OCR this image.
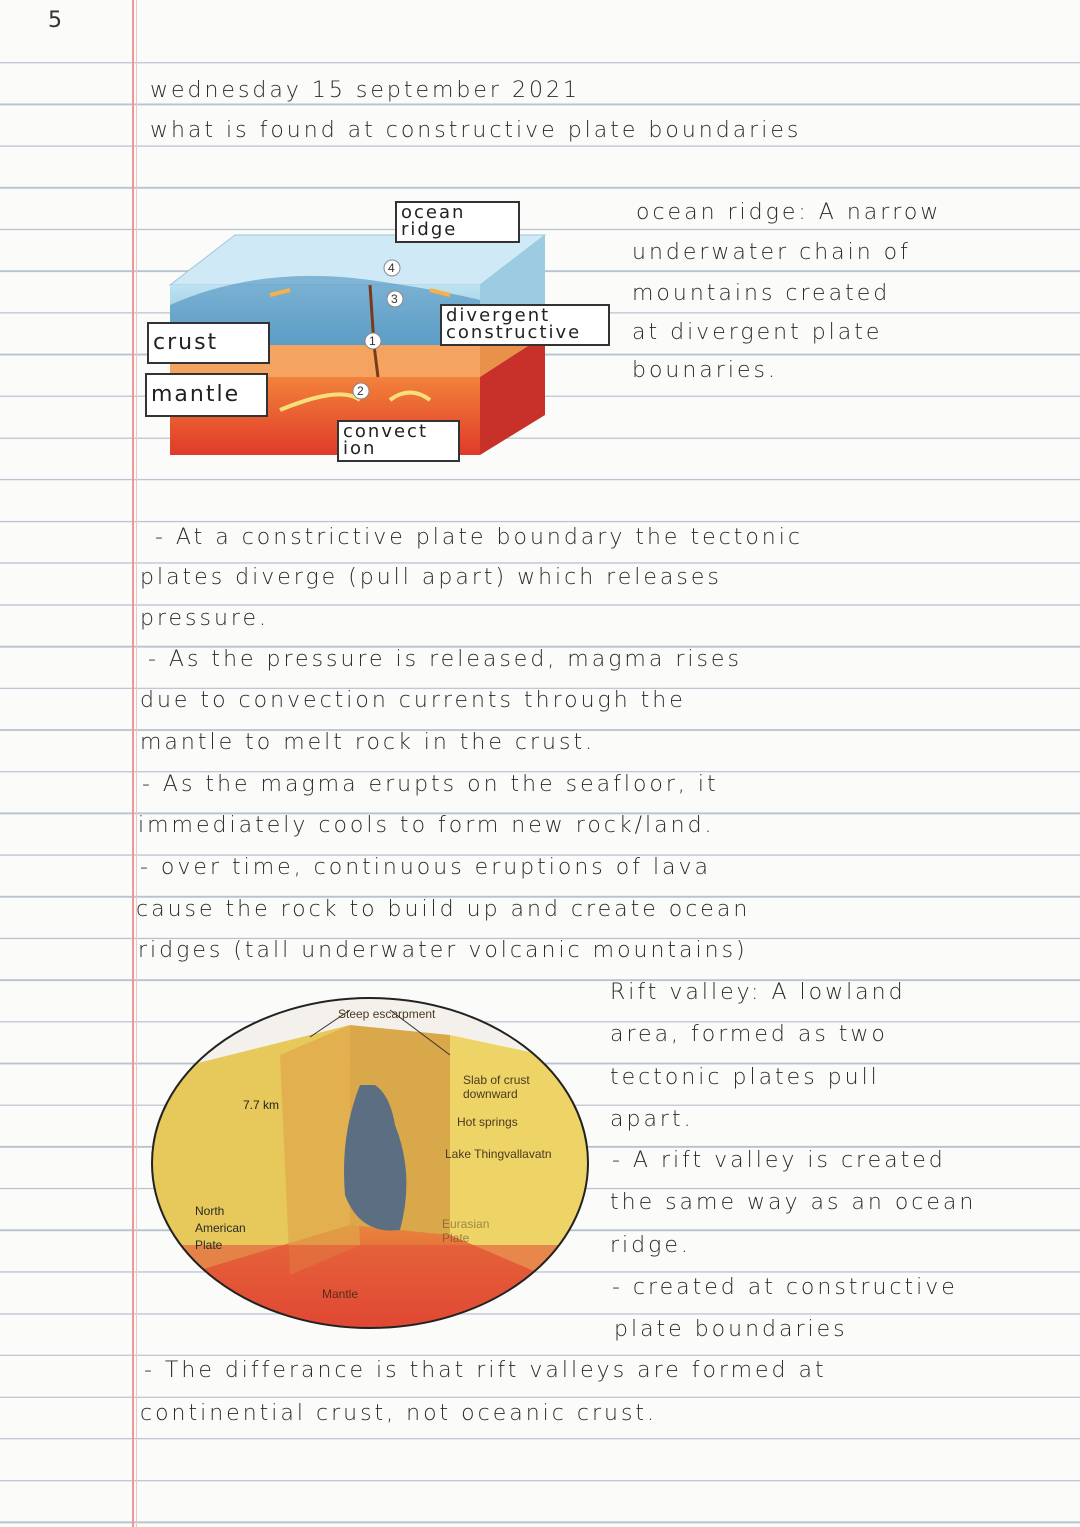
5
wednesday 15 september 2021
what is found at constructive plate boundaries
1
2
3
4
ocean
ridge
divergent
constructive
crust
mantle
convect
ion
ocean ridge: A narrow
underwater chain of
mountains created
at divergent plate
bounaries.
- At a constrictive plate boundary the tectonic
plates diverge (pull apart) which releases
pressure.
- As the pressure is released, magma rises
due to convection currents through the
mantle to melt rock in the crust.
- As the magma erupts on the seafloor, it
immediately cools to form new rock/land.
- over time, continuous eruptions of lava
cause the rock to build up and create ocean
ridges (tall underwater volcanic mountains)
Steep escarpment
7.7 km
Slab of crust
downward
Hot springs
Lake Thingvallavatn
North
American
Plate
Eurasian
Plate
Mantle
Rift valley: A lowland
area, formed as two
tectonic plates pull
apart.
- A rift valley is created
the same way as an ocean
ridge.
- created at constructive
plate boundaries
- The differance is that rift valleys are formed at
continential crust, not oceanic crust.
